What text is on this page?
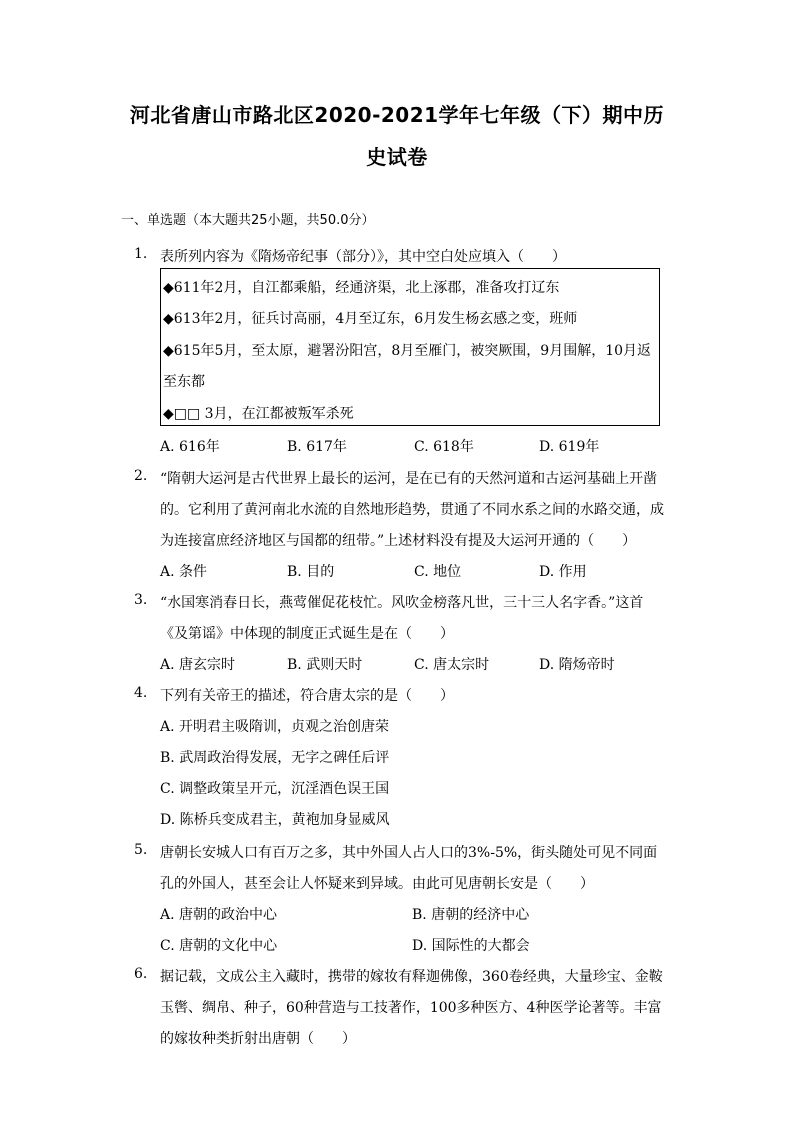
河北省唐山市路北区2020-2021学年七年级（下）期中历
史试卷
一、单选题（本大题共25小题，共50.0分）
1. 表所列内容为《隋炀帝纪事（部分）》，其中空白处应填入（　　）
◆611年2月，自江都乘船，经通济渠，北上涿郡，准备攻打辽东
◆613年2月，征兵讨高丽，4月至辽东，6月发生杨玄感之变，班师
◆615年5月，至太原，避署汾阳宫，8月至雁门，被突厥围，9月围解，10月返
至东都
◆□□ 3月，在江都被叛军杀死
A. 616年	B. 617年	C. 618年	D. 619年
2. “隋朝大运河是古代世界上最长的运河，是在已有的天然河道和古运河基础上开凿
的。它利用了黄河南北水流的自然地形趋势，贯通了不同水系之间的水路交通，成
为连接富庶经济地区与国都的纽带。”上述材料没有提及大运河开通的（　　）
A. 条件	B. 目的	C. 地位	D. 作用
3. “水国寒消春日长，燕莺催促花枝忙。风吹金榜落凡世，三十三人名字香。”这首
《及第谣》中体现的制度正式诞生是在（　　）
A. 唐玄宗时	B. 武则天时	C. 唐太宗时	D. 隋炀帝时
4. 下列有关帝王的描述，符合唐太宗的是（　　）
A. 开明君主吸隋训，贞观之治创唐荣
B. 武周政治得发展，无字之碑任后评
C. 调整政策呈开元，沉淫酒色误王国
D. 陈桥兵变成君主，黄袍加身显威风
5. 唐朝长安城人口有百万之多，其中外国人占人口的3%-5%，街头随处可见不同面
孔的外国人，甚至会让人怀疑来到异域。由此可见唐朝长安是（　　）
A. 唐朝的政治中心	B. 唐朝的经济中心
C. 唐朝的文化中心	D. 国际性的大都会
6. 据记载，文成公主入藏时，携带的嫁妆有释迦佛像，360卷经典，大量珍宝、金鞍
玉辔、绸帛、种子，60种营造与工技著作，100多种医方、4种医学论著等。丰富
的嫁妆种类折射出唐朝（　　）
